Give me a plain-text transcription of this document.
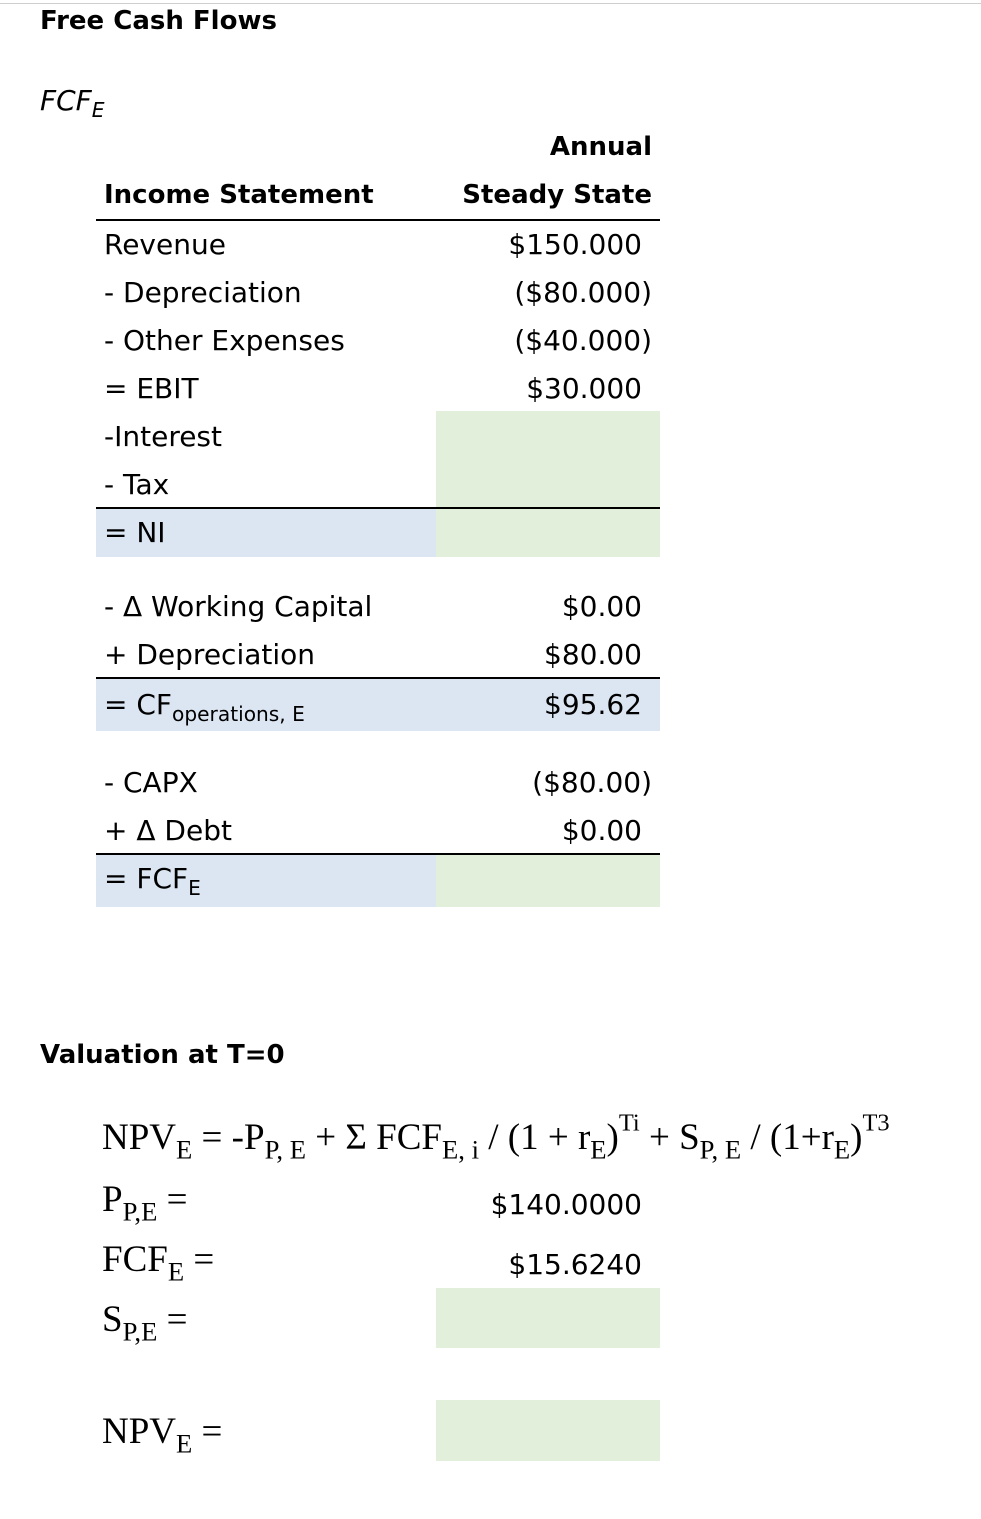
Free Cash Flows
$FCF_E$
Annual
Income Statement	Steady State
Revenue	$150.000
- Depreciation	($80.000)
- Other Expenses	($40.000)
= EBIT	$30.000
-Interest
- Tax
= NI
- Δ Working Capital	$0.00
+ Depreciation	$80.00
= $CF_{operations, E}$	$95.62
- CAPX	($80.00)
+ Δ Debt	$0.00
= $FCF_E$
Valuation at T=0
$NPV_E = -P_{P, E} + \Sigma$ $FCF_{E, i} / (1 + r_E)^{Ti} + S_{P, E} / (1+r_E)^{T3}$
$P_{P,E}$ =	$140.0000
$FCF_E$ =	$15.6240
$S_{P,E}$ =
$NPV_E$ =
